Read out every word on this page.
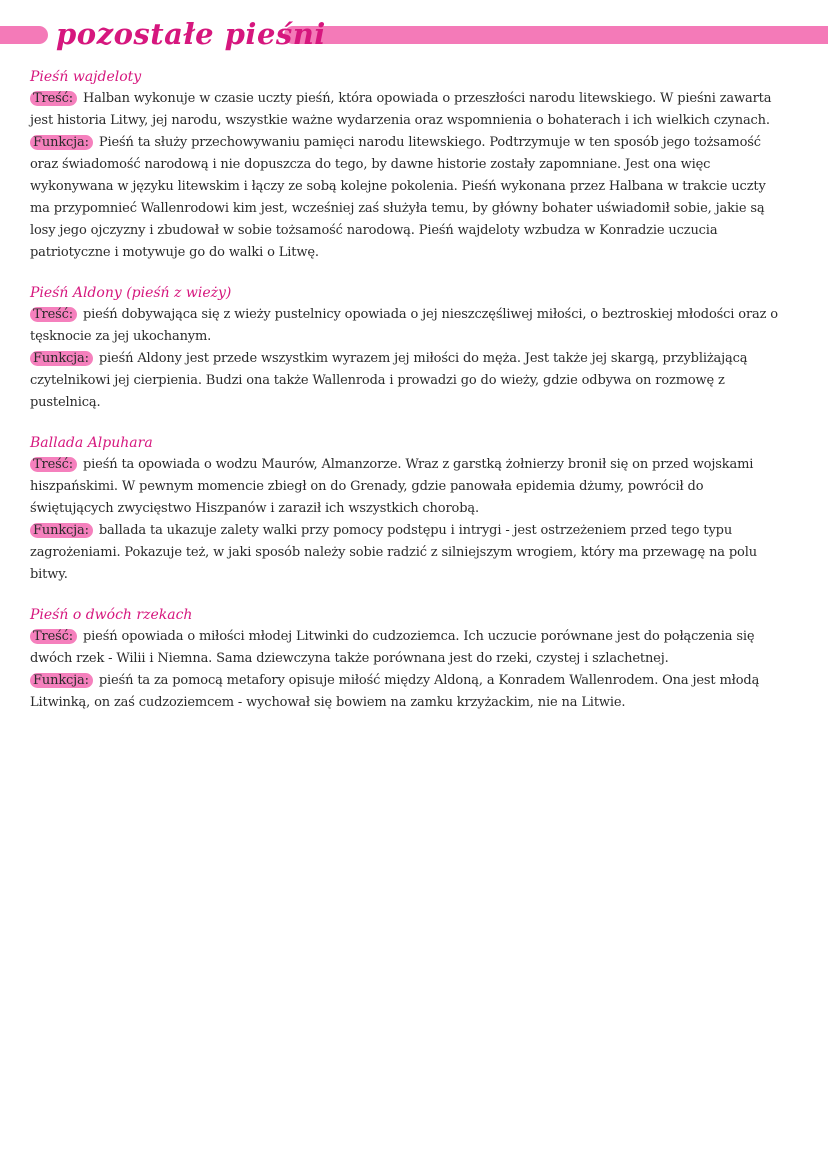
pozostałe pieśni

Pieśń wajdeloty

Treść: Halban wykonuje w czasie uczty pieśń, która opowiada o przeszłości narodu litewskiego. W pieśni zawarta jest historia Litwy, jej narodu, wszystkie ważne wydarzenia oraz wspomnienia o bohaterach i ich wielkich czynach.

Funkcja: Pieśń ta służy przechowywaniu pamięci narodu litewskiego. Podtrzymuje w ten sposób jego tożsamość oraz świadomość narodową i nie dopuszcza do tego, by dawne historie zostały zapomniane. Jest ona więc wykonywana w języku litewskim i łączy ze sobą kolejne pokolenia. Pieśń wykonana przez Halbana w trakcie uczty ma przypomnieć Wallenrodowi kim jest, wcześniej zaś służyła temu, by główny bohater uświadomił sobie, jakie są losy jego ojczyzny i zbudował w sobie tożsamość narodową. Pieśń wajdeloty wzbudza w Konradzie uczucia patriotyczne i motywuje go do walki o Litwę.

Pieśń Aldony (pieśń z wieży)

Treść: pieśń dobywająca się z wieży pustelnicy opowiada o jej nieszczęśliwej miłości, o beztroskiej młodości oraz o tęsknocie za jej ukochanym.

Funkcja: pieśń Aldony jest przede wszystkim wyrazem jej miłości do męża. Jest także jej skargą, przybliżającą czytelnikowi jej cierpienia. Budzi ona także Wallenroda i prowadzi go do wieży, gdzie odbywa on rozmowę z pustelnicą.

Ballada Alpuhara

Treść: pieśń ta opowiada o wodzu Maurów, Almanzorze. Wraz z garstką żołnierzy bronił się on przed wojskami hiszpańskimi. W pewnym momencie zbiegł on do Grenady, gdzie panowała epidemia dżumy, powrócił do świętujących zwycięstwo Hiszpanów i zaraził ich wszystkich chorobą.

Funkcja: ballada ta ukazuje zalety walki przy pomocy podstępu i intrygi - jest ostrzeżeniem przed tego typu zagrożeniami. Pokazuje też, w jaki sposób należy sobie radzić z silniejszym wrogiem, który ma przewagę na polu bitwy.

Pieśń o dwóch rzekach

Treść: pieśń opowiada o miłości młodej Litwinki do cudzoziemca. Ich uczucie porównane jest do połączenia się dwóch rzek - Wilii i Niemna. Sama dziewczyna także porównana jest do rzeki, czystej i szlachetnej.

Funkcja: pieśń ta za pomocą metafory opisuje miłość między Aldoną, a Konradem Wallenrodem. Ona jest młodą Litwinką, on zaś cudzoziemcem - wychował się bowiem na zamku krzyżackim, nie na Litwie.
